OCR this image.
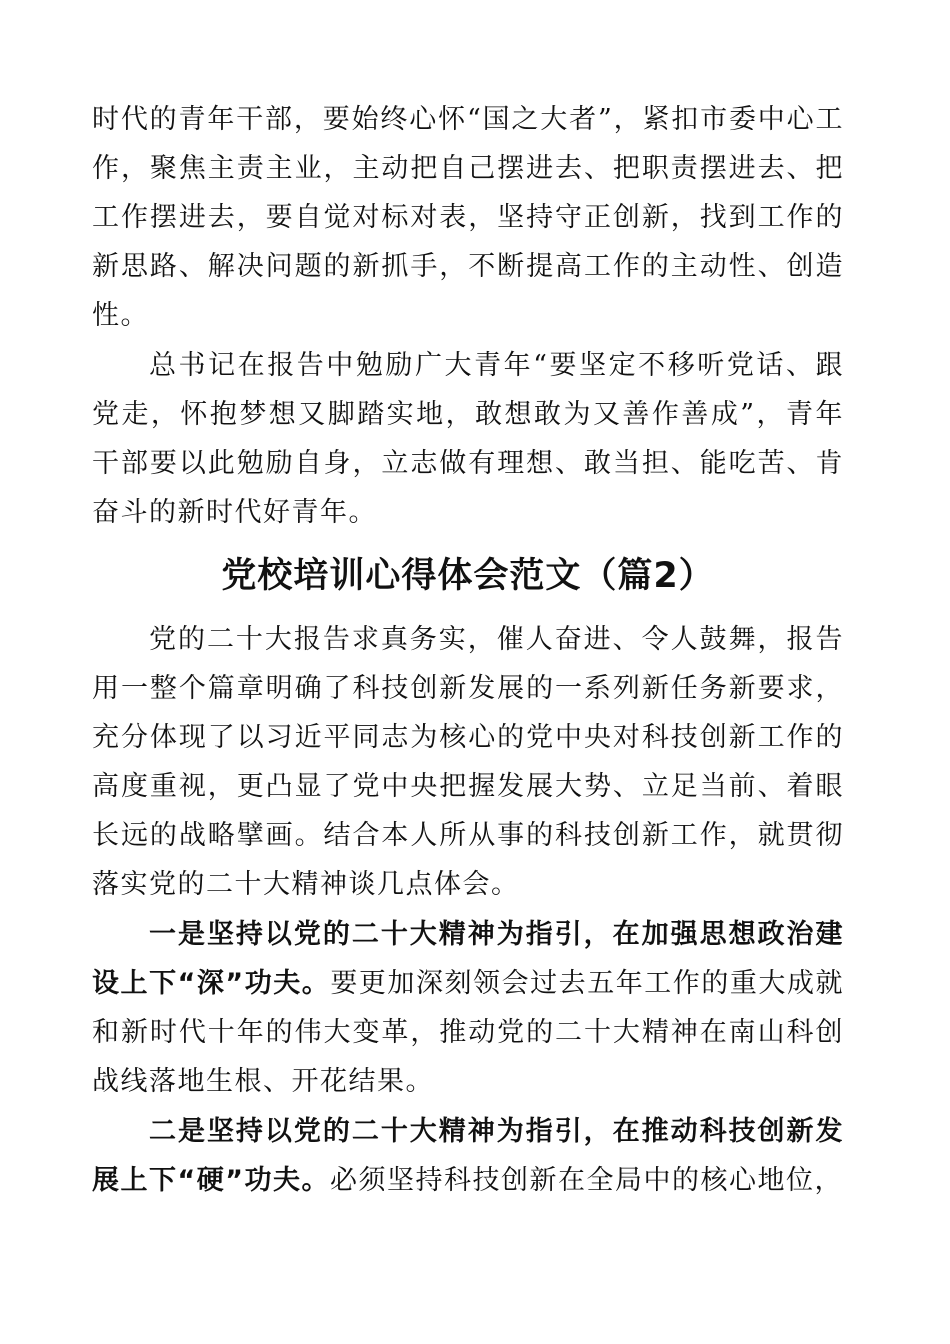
时代的青年干部，要始终心怀“国之大者”，紧扣市委中心工作，聚焦主责主业，主动把自己摆进去、把职责摆进去、把工作摆进去，要自觉对标对表，坚持守正创新，找到工作的新思路、解决问题的新抓手，不断提高工作的主动性、创造性。

总书记在报告中勉励广大青年“要坚定不移听党话、跟党走，怀抱梦想又脚踏实地，敢想敢为又善作善成”，青年干部要以此勉励自身，立志做有理想、敢当担、能吃苦、肯奋斗的新时代好青年。

党校培训心得体会范文（篇2）

党的二十大报告求真务实，催人奋进、令人鼓舞，报告用一整个篇章明确了科技创新发展的一系列新任务新要求，充分体现了以习近平同志为核心的党中央对科技创新工作的高度重视，更凸显了党中央把握发展大势、立足当前、着眼长远的战略擘画。结合本人所从事的科技创新工作，就贯彻落实党的二十大精神谈几点体会。

一是坚持以党的二十大精神为指引，在加强思想政治建设上下“深”功夫。要更加深刻领会过去五年工作的重大成就和新时代十年的伟大变革，推动党的二十大精神在南山科创战线落地生根、开花结果。

二是坚持以党的二十大精神为指引，在推动科技创新发展上下“硬”功夫。必须坚持科技创新在全局中的核心地位，
